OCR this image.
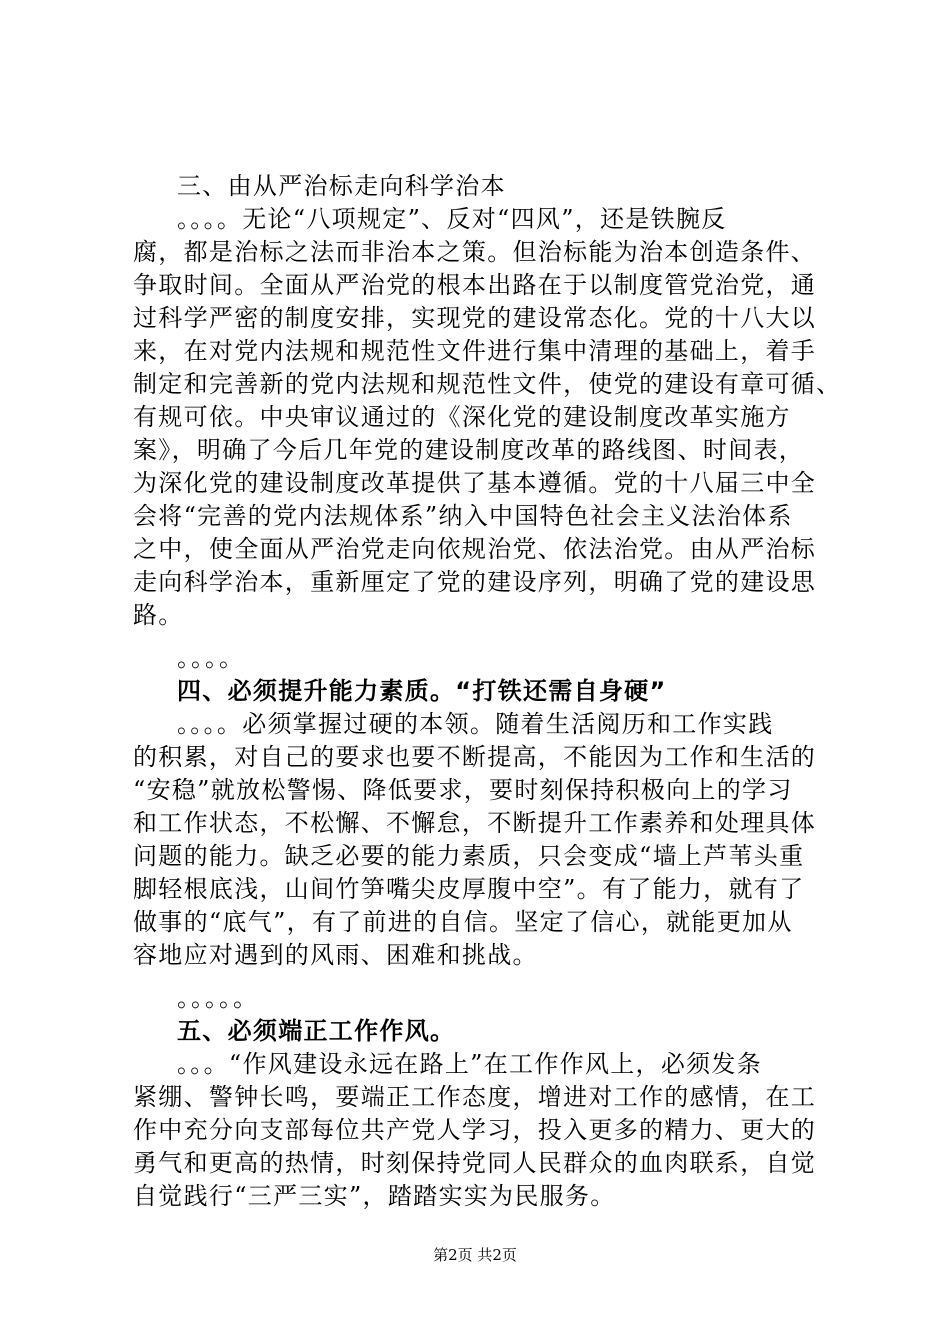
三、由从严治标走向科学治本
。。。。无论“八项规定”、反对“四风”，还是铁腕反
腐，都是治标之法而非治本之策。但治标能为治本创造条件、
争取时间。全面从严治党的根本出路在于以制度管党治党，通
过科学严密的制度安排，实现党的建设常态化。党的十八大以
来，在对党内法规和规范性文件进行集中清理的基础上，着手
制定和完善新的党内法规和规范性文件，使党的建设有章可循、
有规可依。中央审议通过的《深化党的建设制度改革实施方
案》，明确了今后几年党的建设制度改革的路线图、时间表，
为深化党的建设制度改革提供了基本遵循。党的十八届三中全
会将“完善的党内法规体系”纳入中国特色社会主义法治体系
之中，使全面从严治党走向依规治党、依法治党。由从严治标
走向科学治本，重新厘定了党的建设序列，明确了党的建设思
路。
。。。。
四、必须提升能力素质。“打铁还需自身硬”
。。。。必须掌握过硬的本领。随着生活阅历和工作实践
的积累，对自己的要求也要不断提高，不能因为工作和生活的
“安稳”就放松警惕、降低要求，要时刻保持积极向上的学习
和工作状态，不松懈、不懈怠，不断提升工作素养和处理具体
问题的能力。缺乏必要的能力素质，只会变成“墙上芦苇头重
脚轻根底浅，山间竹笋嘴尖皮厚腹中空”。有了能力，就有了
做事的“底气”，有了前进的自信。坚定了信心，就能更加从
容地应对遇到的风雨、困难和挑战。
。。。。。
五、必须端正工作作风。
。。。“作风建设永远在路上”在工作作风上，必须发条
紧绷、警钟长鸣，要端正工作态度，增进对工作的感情，在工
作中充分向支部每位共产党人学习，投入更多的精力、更大的
勇气和更高的热情，时刻保持党同人民群众的血肉联系，自觉
自觉践行“三严三实”，踏踏实实为民服务。
第2页 共2页
